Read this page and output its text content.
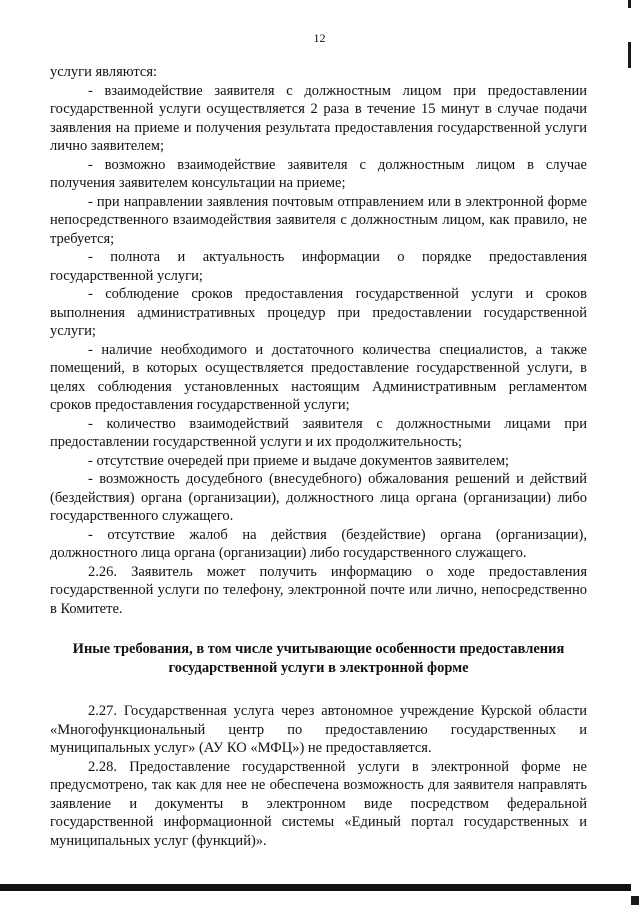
12

услуги являются:

- взаимодействие заявителя с должностным лицом при предоставлении государственной услуги осуществляется 2 раза в течение 15 минут в случае подачи заявления на приеме и получения результата предоставления государственной услуги лично заявителем;

- возможно взаимодействие заявителя с должностным лицом в случае получения заявителем консультации на приеме;

- при направлении заявления почтовым отправлением или в электронной форме непосредственного взаимодействия заявителя с должностным лицом, как правило, не требуется;

- полнота и актуальность информации о порядке предоставления государственной услуги;

- соблюдение сроков предоставления государственной услуги и сроков выполнения административных процедур при предоставлении государственной услуги;

- наличие необходимого и достаточного количества специалистов, а также помещений, в которых осуществляется предоставление государственной услуги, в целях соблюдения установленных настоящим Административным регламентом сроков предоставления государственной услуги;

- количество взаимодействий заявителя с должностными лицами при предоставлении государственной услуги и их продолжительность;

- отсутствие очередей при приеме и выдаче документов заявителем;

- возможность досудебного (внесудебного) обжалования решений и действий (бездействия) органа (организации), должностного лица органа (организации) либо государственного служащего.

- отсутствие жалоб на действия (бездействие) органа (организации), должностного лица органа (организации) либо государственного служащего.

2.26. Заявитель может получить информацию о ходе предоставления государственной услуги по телефону, электронной почте или лично, непосредственно в Комитете.

Иные требования, в том числе учитывающие особенности предоставления
государственной услуги в электронной форме

2.27. Государственная услуга через автономное учреждение Курской области «Многофункциональный центр по предоставлению государственных и муниципальных услуг» (АУ КО «МФЦ») не предоставляется.

2.28. Предоставление государственной услуги в электронной форме не предусмотрено, так как для нее не обеспечена возможность для заявителя направлять заявление и документы в электронном виде посредством федеральной государственной информационной системы «Единый портал государственных и муниципальных услуг (функций)».
